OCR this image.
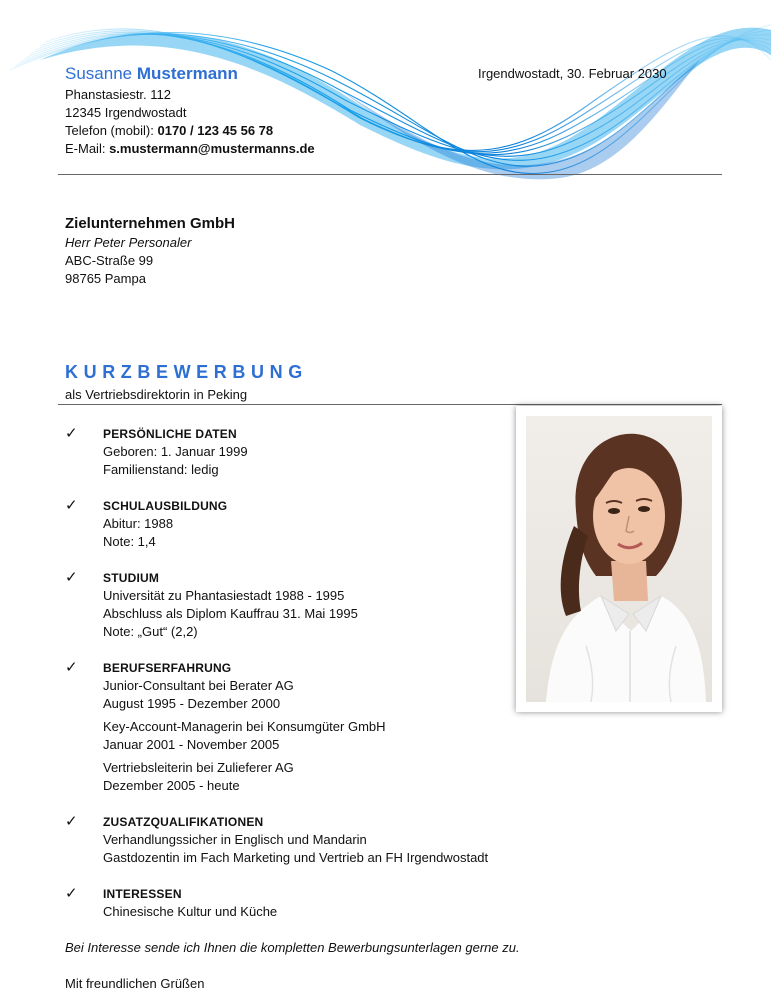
Susanne Mustermann
Phanstasiestr. 112
12345 Irgendwostadt
Telefon (mobil): 0170 / 123 45 56 78
E-Mail: s.mustermann@mustermanns.de
Irgendwostadt, 30. Februar 2030
Zielunternehmen GmbH
Herr Peter Personaler
ABC-Straße 99
98765 Pampa
KURZBEWERBUNG
als Vertriebsdirektorin in Peking
✓ PERSÖNLICHE DATEN
Geboren: 1. Januar 1999
Familienstand: ledig
✓ SCHULAUSBILDUNG
Abitur: 1988
Note: 1,4
✓ STUDIUM
Universität zu Phantasiestadt 1988 - 1995
Abschluss als Diplom Kauffrau 31. Mai 1995
Note: „Gut“ (2,2)
✓ BERUFSERFAHRUNG
Junior-Consultant bei Berater AG
August 1995 - Dezember 2000
Key-Account-Managerin bei Konsumgüter GmbH
Januar 2001 - November 2005
Vertriebsleiterin bei Zulieferer AG
Dezember 2005 - heute
✓ ZUSATZQUALIFIKATIONEN
Verhandlungssicher in Englisch und Mandarin
Gastdozentin im Fach Marketing und Vertrieb an FH Irgendwostadt
✓ INTERESSEN
Chinesische Kultur und Küche
Bei Interesse sende ich Ihnen die kompletten Bewerbungsunterlagen gerne zu.
Mit freundlichen Grüßen
